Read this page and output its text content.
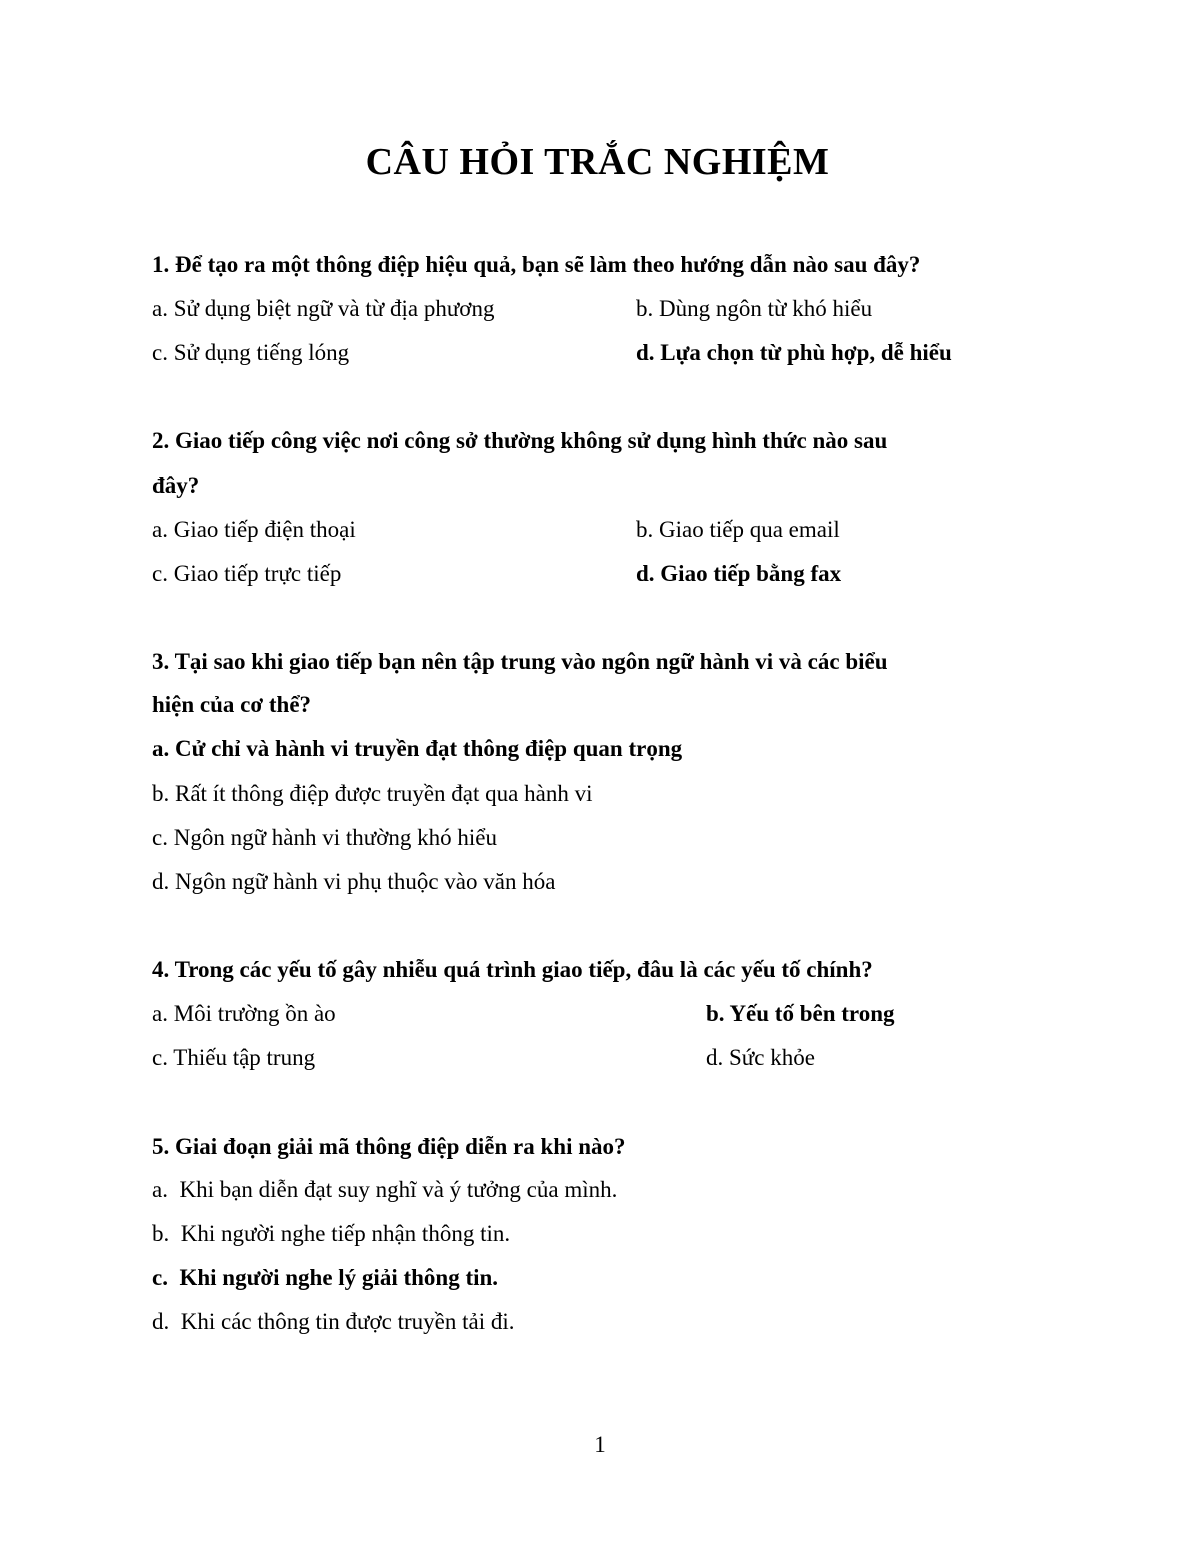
CÂU HỎI TRẮC NGHIỆM
1. Để tạo ra một thông điệp hiệu quả, bạn sẽ làm theo hướng dẫn nào sau đây?
a. Sử dụng biệt ngữ và từ địa phương	b. Dùng ngôn từ khó hiểu
c. Sử dụng tiếng lóng	d. Lựa chọn từ phù hợp, dễ hiểu
2. Giao tiếp công việc nơi công sở thường không sử dụng hình thức nào sau
đây?
a. Giao tiếp điện thoại	b. Giao tiếp qua email
c. Giao tiếp trực tiếp	d. Giao tiếp bằng fax
3. Tại sao khi giao tiếp bạn nên tập trung vào ngôn ngữ hành vi và các biểu
hiện của cơ thể?
a. Cử chỉ và hành vi truyền đạt thông điệp quan trọng
b. Rất ít thông điệp được truyền đạt qua hành vi
c. Ngôn ngữ hành vi thường khó hiểu
d. Ngôn ngữ hành vi phụ thuộc vào văn hóa
4. Trong các yếu tố gây nhiễu quá trình giao tiếp, đâu là các yếu tố chính?
a. Môi trường ồn ào	b. Yếu tố bên trong
c. Thiếu tập trung	d. Sức khỏe
5. Giai đoạn giải mã thông điệp diễn ra khi nào?
a.  Khi bạn diễn đạt suy nghĩ và ý tưởng của mình.
b.  Khi người nghe tiếp nhận thông tin.
c.  Khi người nghe lý giải thông tin.
d.  Khi các thông tin được truyền tải đi.
1
